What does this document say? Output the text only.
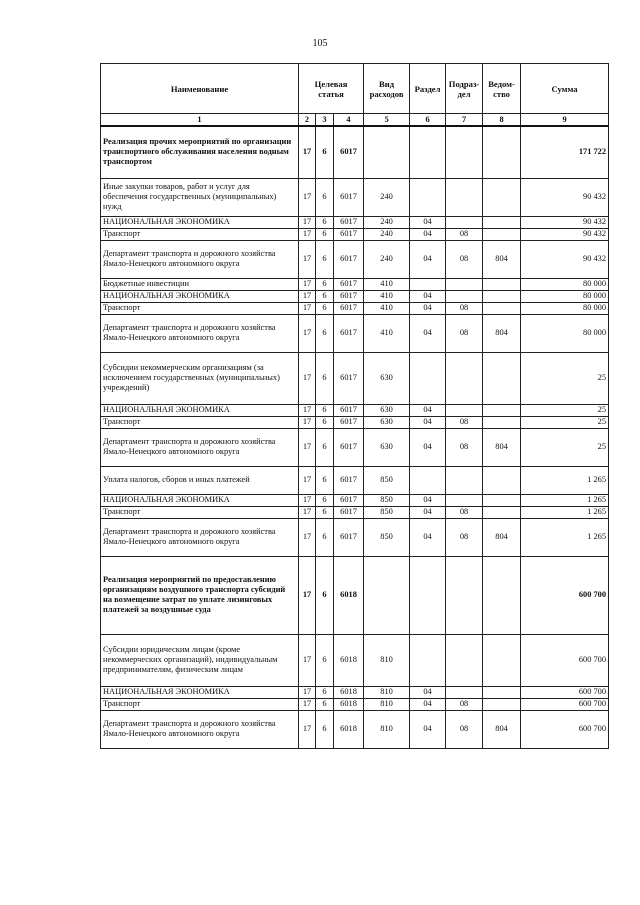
105
Наименование	Целевая статья			Вид расходов	Раздел	Подраз-дел	Ведом-ство	Сумма
1	2	3	4	5	6	7	8	9
Реализация прочих мероприятий по организации транспортного обслуживания населения водным транспортом	17	6	6017					171 722
Иные закупки товаров, работ и услуг для обеспечения государственных (муниципальных) нужд	17	6	6017	240				90 432
НАЦИОНАЛЬНАЯ ЭКОНОМИКА	17	6	6017	240	04			90 432
Транспорт	17	6	6017	240	04	08		90 432
Департамент транспорта и дорожного хозяйства Ямало-Ненецкого автономного округа	17	6	6017	240	04	08	804	90 432
Бюджетные инвестиции	17	6	6017	410				80 000
НАЦИОНАЛЬНАЯ ЭКОНОМИКА	17	6	6017	410	04			80 000
Транспорт	17	6	6017	410	04	08		80 000
Департамент транспорта и дорожного хозяйства Ямало-Ненецкого автономного округа	17	6	6017	410	04	08	804	80 000
Субсидии некоммерческим организациям (за исключением государственных (муниципальных) учреждений)	17	6	6017	630				25
НАЦИОНАЛЬНАЯ ЭКОНОМИКА	17	6	6017	630	04			25
Транспорт	17	6	6017	630	04	08		25
Департамент транспорта и дорожного хозяйства Ямало-Ненецкого автономного округа	17	6	6017	630	04	08	804	25
Уплата налогов, сборов и иных платежей	17	6	6017	850				1 265
НАЦИОНАЛЬНАЯ ЭКОНОМИКА	17	6	6017	850	04			1 265
Транспорт	17	6	6017	850	04	08		1 265
Департамент транспорта и дорожного хозяйства Ямало-Ненецкого автономного округа	17	6	6017	850	04	08	804	1 265
Реализация мероприятий по предоставлению организациям воздушного транспорта субсидий на возмещение затрат по уплате лизинговых платежей за воздушные суда	17	6	6018					600 700
Субсидии юридическим лицам (кроме некоммерческих организаций), индивидуальным предпринимателям, физическим лицам	17	6	6018	810				600 700
НАЦИОНАЛЬНАЯ ЭКОНОМИКА	17	6	6018	810	04			600 700
Транспорт	17	6	6018	810	04	08		600 700
Департамент транспорта и дорожного хозяйства Ямало-Ненецкого автономного округа	17	6	6018	810	04	08	804	600 700
